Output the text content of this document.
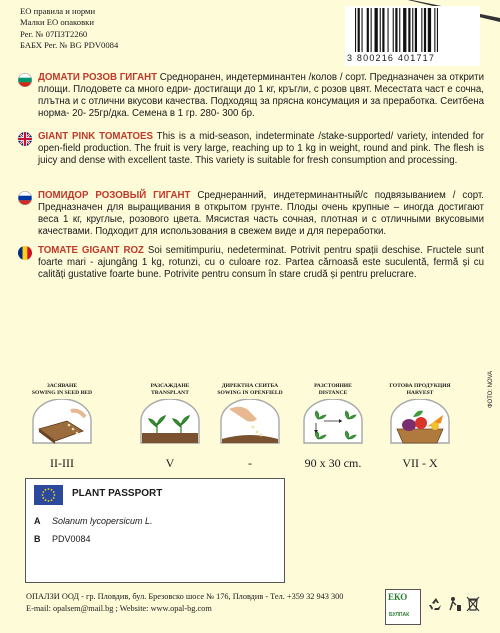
ЕО правила и норми
Малки ЕО опаковки
Рег. № 07ПЗТ2260
БАБХ Рег. № BG PDV0084
3 800216 401717
ДОМАТИ РОЗОВ ГИГАНТ Средноранен, индетерминантен /колов / сорт. Предназначен за открити площи. Плодовете са много едри- достигащи до 1 кг, кръгли, с розов цвят. Месестата част е сочна, плътна и с отлични вкусови качества. Подходящ за прясна консумация и за преработка. Сеитбена норма- 20- 25гр/дка. Семена в 1 гр. 280- 300 бр.
GIANT PINK TOMATOES This is a mid-season, indeterminate /stake-supported/ variety, intended for open-field production. The fruit is very large, reaching up to 1 kg in weight, round and pink. The flesh is juicy and dense with excellent taste. This variety is suitable for fresh consumption and processing.
ПОМИДОР РОЗОВЫЙ ГИГАНТ Среднеранний, индетерминантный/с подвязыванием / сорт. Предназначен для выращивания в открытом грунте. Плоды очень крупные – иногда достигают веса 1 кг, круглые, розового цвета. Мясистая часть сочная, плотная и с отличными вкусовыми качествами. Подходит для использования в свежем виде и для переработки.
TOMATE GIGANT ROZ Soi semitimpuriu, nedeterminat. Potrivit pentru spații deschise. Fructele sunt foarte mari - ajungâng 1 kg, rotunzi, cu o culoare roz. Partea cărnoasă este suculentă, fermă și cu calități gustative foarte bune. Potrivite pentru consum în stare crudă și pentru prelucrare.
ЗАСЯВАНЕ
SOWING IN SEED BED
II-III
РАЗСАЖДАНЕ
TRANSPLANT
V
ДИРЕКТНА СЕИТБА
SOWING IN OPENFIELD
-
РАЗСТОЯНИЕ
DISTANCE
90 x 30 cm.
ГОТОВА ПРОДУКЦИЯ
HARVEST
VII - X
ФОТО: NOVA
PLANT PASSPORT
A Solanum lycopersicum L.
B PDV0084
ОПАЛЗИ ООД - гр. Пловдив, бул. Брезовско шосе № 176, Пловдив - Тел. +359 32 943 300
E-mail: opalsem@mail.bg ; Website: www.opal-bg.com
ЕКО
БУЛПАК
